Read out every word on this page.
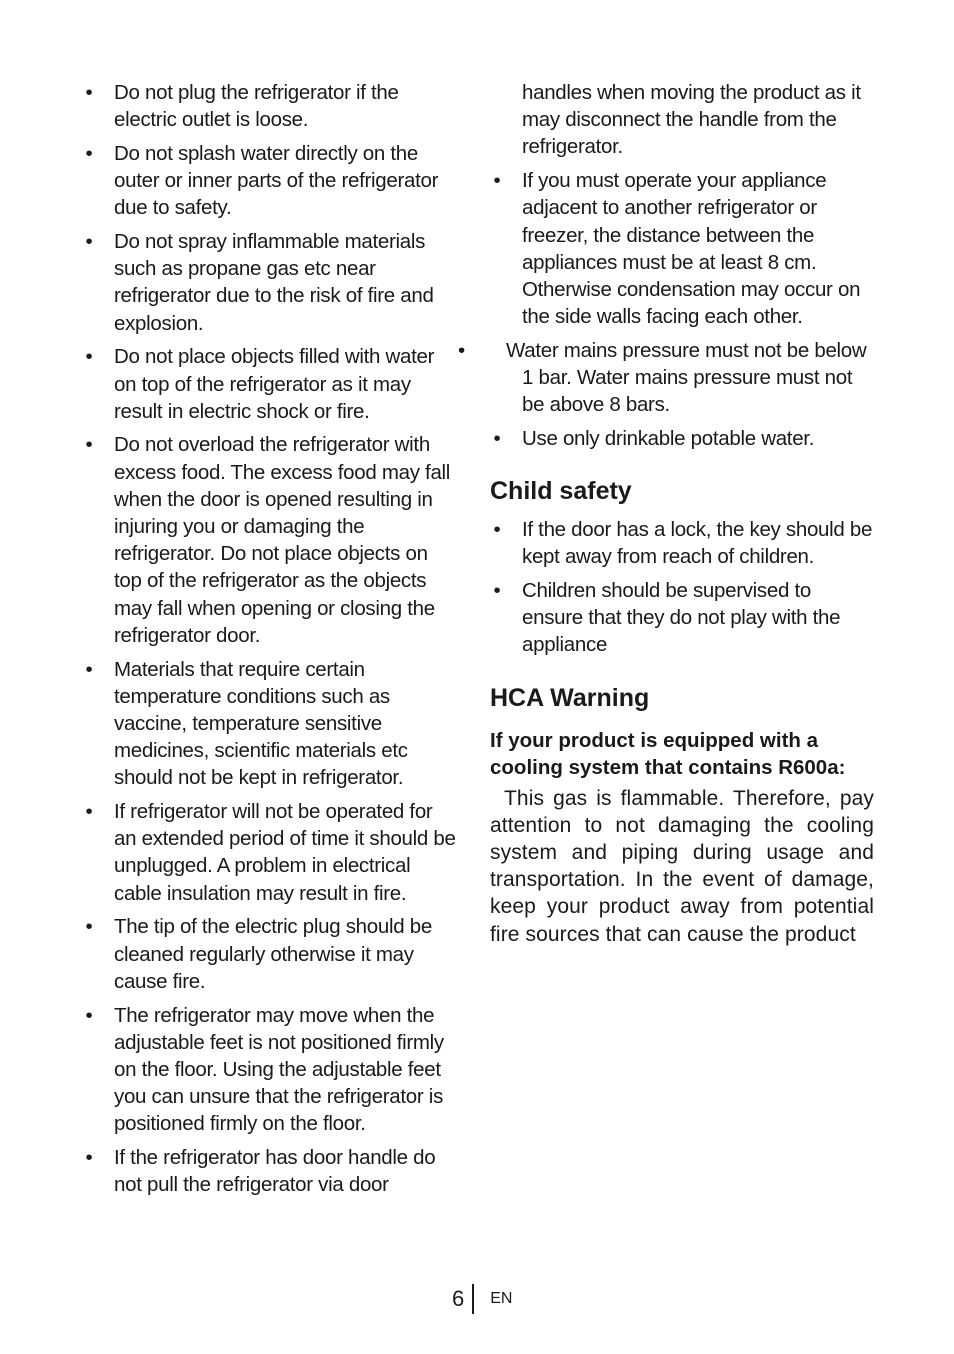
• Do not plug the refrigerator if the electric outlet is loose.
• Do not splash water directly on the outer or inner parts of the refrigerator due to safety.
• Do not spray inflammable materials such as propane gas etc near refrigerator due to the risk of fire and explosion.
• Do not place objects filled with water on top of the refrigerator as it may result in electric shock or fire.
• Do not overload the refrigerator with excess food. The excess food may fall when the door is opened resulting in injuring you or damaging the refrigerator. Do not place objects on top of the refrigerator as the objects may fall when opening or closing the refrigerator door.
• Materials that require certain temperature conditions such as vaccine, temperature sensitive medicines, scientific materials etc should not be kept in refrigerator.
• If refrigerator will not be operated for an extended period of time it should be unplugged. A problem in electrical cable insulation may result in fire.
• The tip of the electric plug should be cleaned regularly otherwise it may cause fire.
• The refrigerator may move when the adjustable feet is not positioned firmly on the floor. Using the adjustable feet you can unsure that the refrigerator is positioned firmly on the floor.
• If the refrigerator has door handle do not pull the refrigerator via door
handles when moving the product as it may disconnect the handle from the refrigerator.
• If you must operate your appliance adjacent to another refrigerator or freezer, the distance between the appliances must be at least 8 cm. Otherwise condensation may occur on the side walls facing each other.
• Water mains pressure must not be below 1 bar. Water mains pressure must not be above 8 bars.
• Use only drinkable potable water.
Child safety
• If the door has a lock, the key should be kept away from reach of children.
• Children should be supervised to ensure that they do not play with the appliance
HCA Warning
If your product is equipped with a cooling system that contains R600a:
This gas is flammable. Therefore, pay attention to not damaging the cooling system and piping during usage and transportation. In the event of damage, keep your product away from potential fire sources that can cause the product
6	EN
